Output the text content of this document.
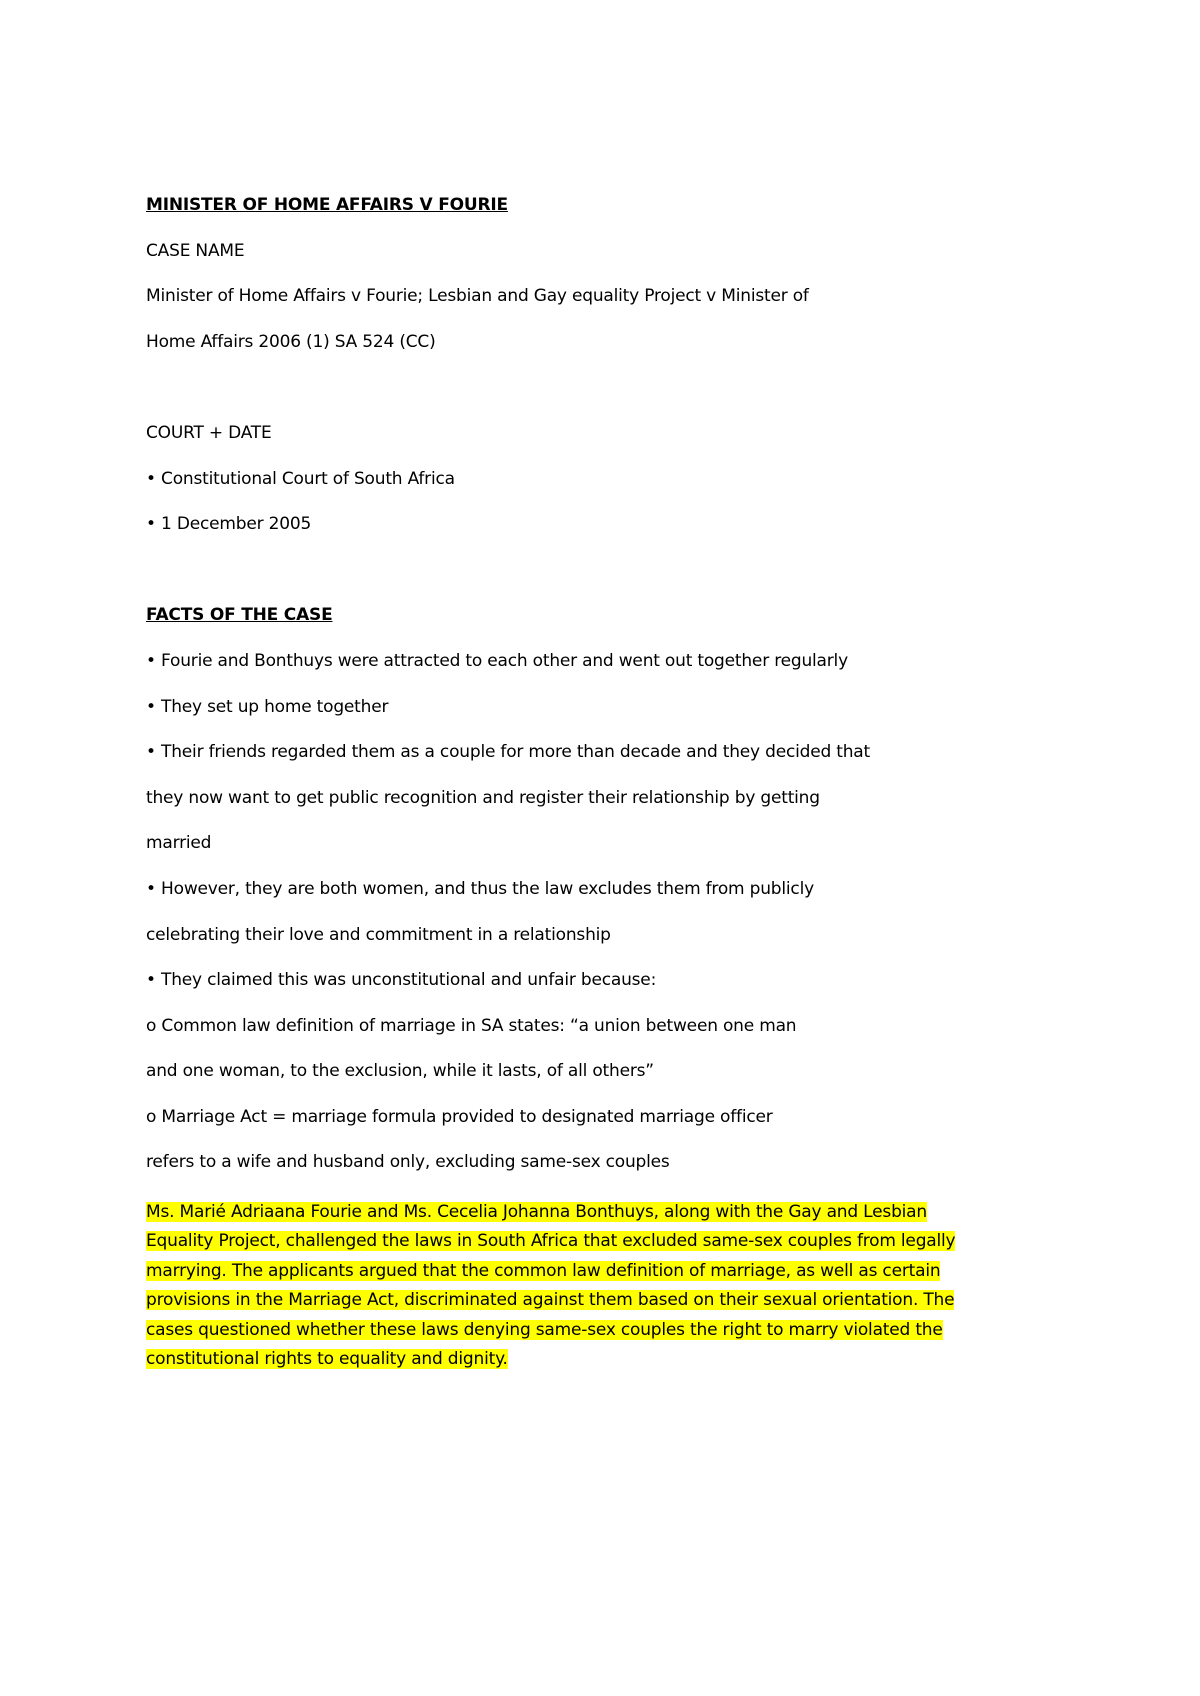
MINISTER OF HOME AFFAIRS V FOURIE
CASE NAME
Minister of Home Affairs v Fourie; Lesbian and Gay equality Project v Minister of
Home Affairs 2006 (1) SA 524 (CC)
COURT + DATE
• Constitutional Court of South Africa
• 1 December 2005
FACTS OF THE CASE
• Fourie and Bonthuys were attracted to each other and went out together regularly
• They set up home together
• Their friends regarded them as a couple for more than decade and they decided that
they now want to get public recognition and register their relationship by getting
married
• However, they are both women, and thus the law excludes them from publicly
celebrating their love and commitment in a relationship
• They claimed this was unconstitutional and unfair because:
o Common law definition of marriage in SA states: “a union between one man
and one woman, to the exclusion, while it lasts, of all others”
o Marriage Act = marriage formula provided to designated marriage officer
refers to a wife and husband only, excluding same-sex couples
Ms. Marié Adriaana Fourie and Ms. Cecelia Johanna Bonthuys, along with the Gay and Lesbian
Equality Project, challenged the laws in South Africa that excluded same-sex couples from legally
marrying. The applicants argued that the common law definition of marriage, as well as certain
provisions in the Marriage Act, discriminated against them based on their sexual orientation. The
cases questioned whether these laws denying same-sex couples the right to marry violated the
constitutional rights to equality and dignity.
